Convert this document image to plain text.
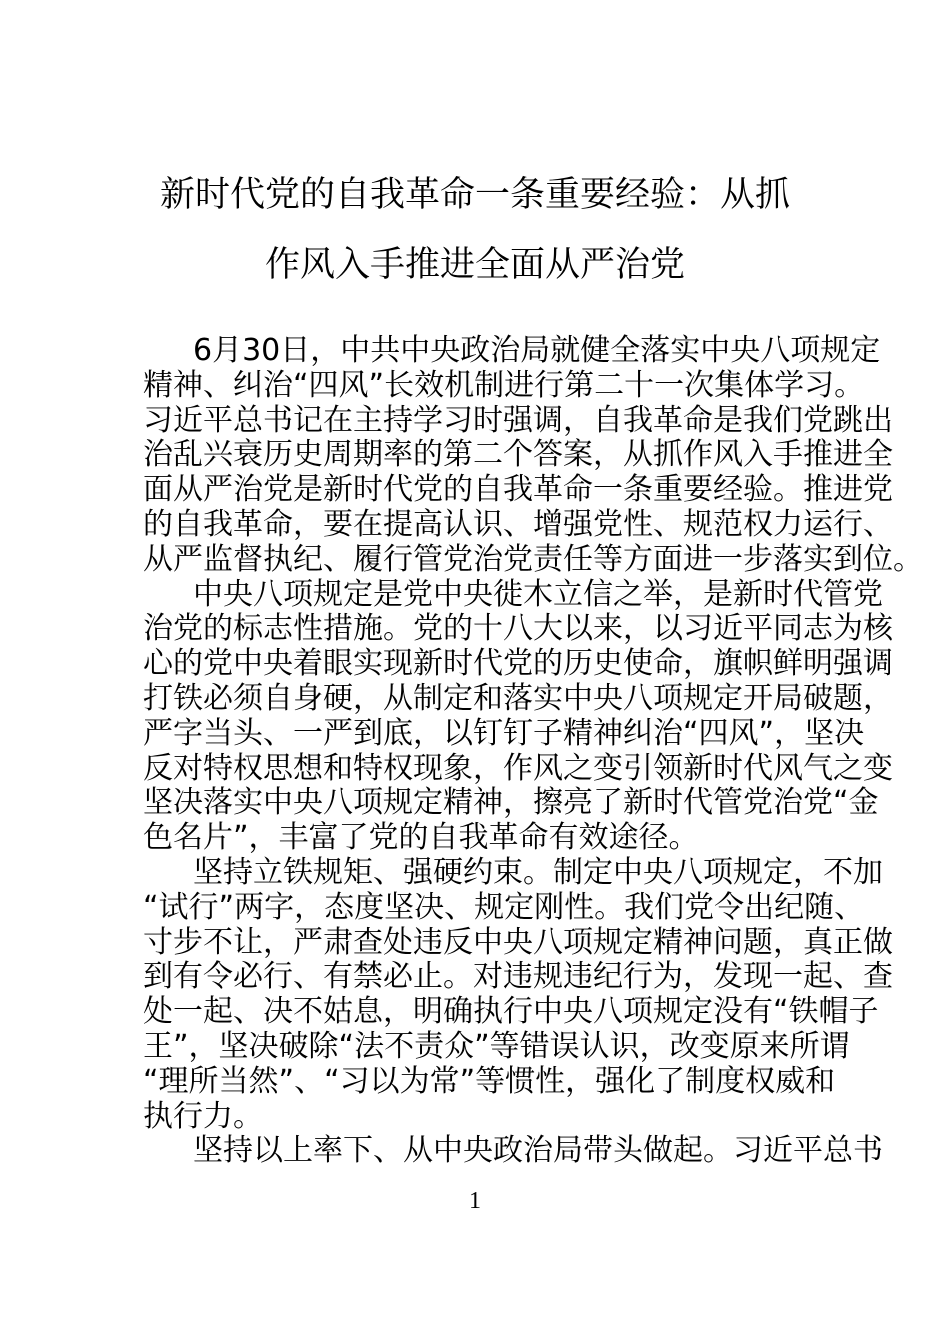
新时代党的自我革命一条重要经验：从抓
作风入手推进全面从严治党
6月30日，中共中央政治局就健全落实中央八项规定
精神、纠治“四风”长效机制进行第二十一次集体学习。
习近平总书记在主持学习时强调，自我革命是我们党跳出
治乱兴衰历史周期率的第二个答案，从抓作风入手推进全
面从严治党是新时代党的自我革命一条重要经验。推进党
的自我革命，要在提高认识、增强党性、规范权力运行、
从严监督执纪、履行管党治党责任等方面进一步落实到位。
中央八项规定是党中央徙木立信之举，是新时代管党
治党的标志性措施。党的十八大以来，以习近平同志为核
心的党中央着眼实现新时代党的历史使命，旗帜鲜明强调
打铁必须自身硬，从制定和落实中央八项规定开局破题，
严字当头、一严到底，以钉钉子精神纠治“四风”，坚决
反对特权思想和特权现象，作风之变引领新时代风气之变
坚决落实中央八项规定精神，擦亮了新时代管党治党“金
色名片”，丰富了党的自我革命有效途径。
坚持立铁规矩、强硬约束。制定中央八项规定，不加
“试行”两字，态度坚决、规定刚性。我们党令出纪随、
寸步不让，严肃查处违反中央八项规定精神问题，真正做
到有令必行、有禁必止。对违规违纪行为，发现一起、查
处一起、决不姑息，明确执行中央八项规定没有“铁帽子
王”，坚决破除“法不责众”等错误认识，改变原来所谓
“理所当然”、“习以为常”等惯性，强化了制度权威和
执行力。
坚持以上率下、从中央政治局带头做起。习近平总书
1
